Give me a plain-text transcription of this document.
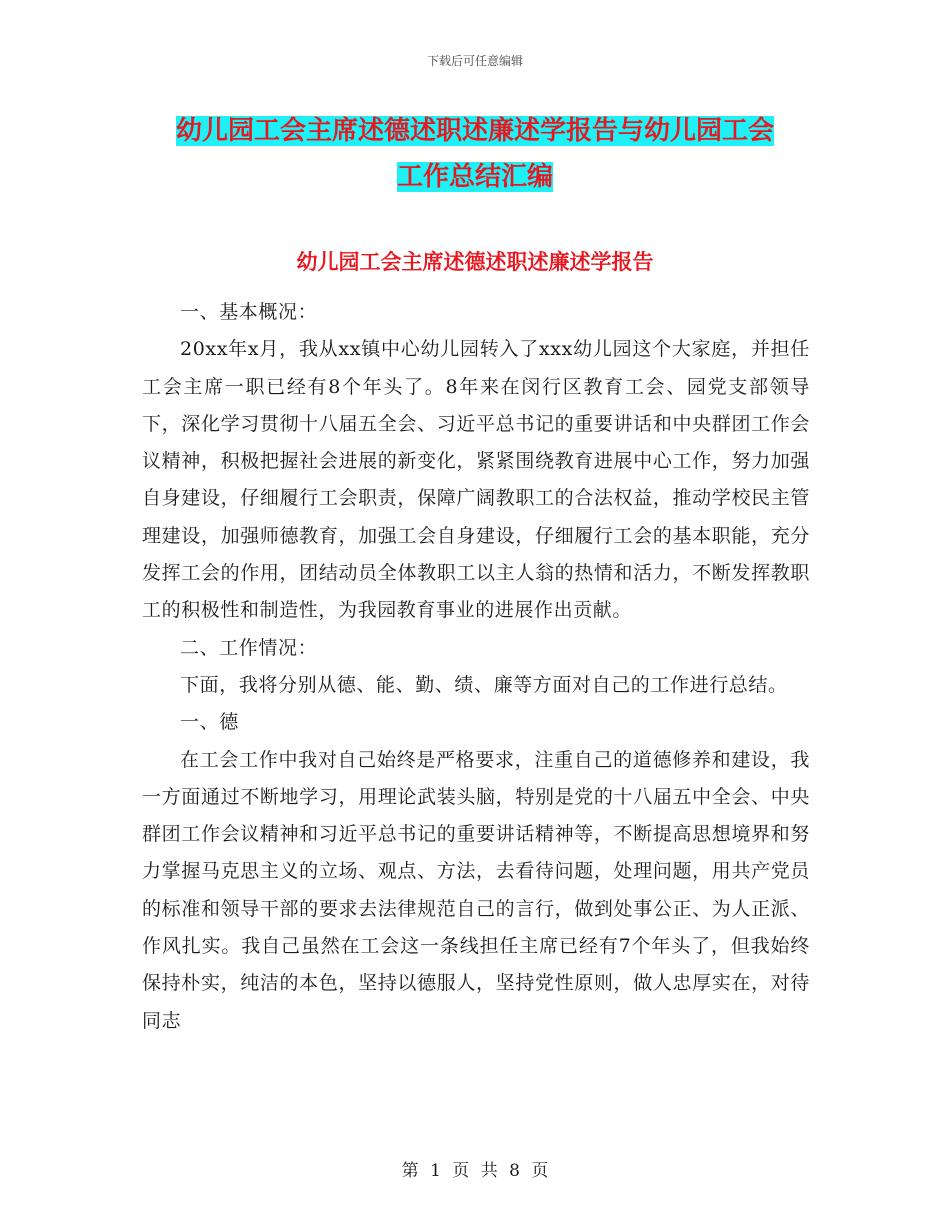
下载后可任意编辑
幼儿园工会主席述德述职述廉述学报告与幼儿园工会
工作总结汇编
幼儿园工会主席述德述职述廉述学报告

一、基本概况：

20xx年x月，我从xx镇中心幼儿园转入了xxx幼儿园这个大家庭，并担任工会主席一职已经有8个年头了。8年来在闵行区教育工会、园党支部领导下，深化学习贯彻十八届五全会、习近平总书记的重要讲话和中央群团工作会议精神，积极把握社会进展的新变化，紧紧围绕教育进展中心工作，努力加强自身建设，仔细履行工会职责，保障广阔教职工的合法权益，推动学校民主管理建设，加强师德教育，加强工会自身建设，仔细履行工会的基本职能，充分发挥工会的作用，团结动员全体教职工以主人翁的热情和活力，不断发挥教职工的积极性和制造性，为我园教育事业的进展作出贡献。

二、工作情况：

下面，我将分别从德、能、勤、绩、廉等方面对自己的工作进行总结。

一、德

在工会工作中我对自己始终是严格要求，注重自己的道德修养和建设，我一方面通过不断地学习，用理论武装头脑，特别是党的十八届五中全会、中央群团工作会议精神和习近平总书记的重要讲话精神等，不断提高思想境界和努力掌握马克思主义的立场、观点、方法，去看待问题，处理问题，用共产党员的标准和领导干部的要求去法律规范自己的言行，做到处事公正、为人正派、作风扎实。我自己虽然在工会这一条线担任主席已经有7个年头了，但我始终保持朴实，纯洁的本色，坚持以德服人，坚持党性原则，做人忠厚实在，对待同志

第 1 页 共 8 页
